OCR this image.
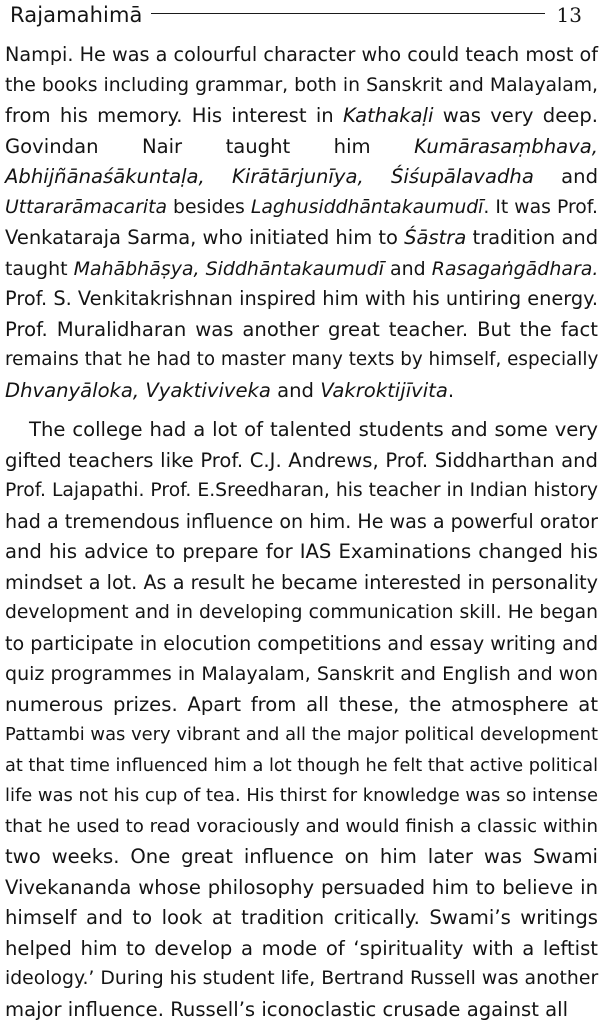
Rajamahimā	13

Nampi. He was a colourful character who could teach most of
the books including grammar, both in Sanskrit and Malayalam,
from his memory. His interest in Kathakaḷi was very deep.
Govindan Nair taught him Kumārasaṃbhava,
Abhijñānaśākuntaḷa, Kirātārjunīya, Śiśupālavadha and
Uttararāmacarita besides Laghusiddhāntakaumudī. It was Prof.
Venkataraja Sarma, who initiated him to Śāstra tradition and
taught Mahābhāṣya, Siddhāntakaumudī and Rasagaṅgādhara.
Prof. S. Venkitakrishnan inspired him with his untiring energy.
Prof. Muralidharan was another great teacher. But the fact
remains that he had to master many texts by himself, especially
Dhvanyāloka, Vyaktiviveka and Vakroktijīvita.

The college had a lot of talented students and some very
gifted teachers like Prof. C.J. Andrews, Prof. Siddharthan and
Prof. Lajapathi. Prof. E.Sreedharan, his teacher in Indian history
had a tremendous influence on him. He was a powerful orator
and his advice to prepare for IAS Examinations changed his
mindset a lot. As a result he became interested in personality
development and in developing communication skill. He began
to participate in elocution competitions and essay writing and
quiz programmes in Malayalam, Sanskrit and English and won
numerous prizes. Apart from all these, the atmosphere at
Pattambi was very vibrant and all the major political development
at that time influenced him a lot though he felt that active political
life was not his cup of tea. His thirst for knowledge was so intense
that he used to read voraciously and would finish a classic within
two weeks. One great influence on him later was Swami
Vivekananda whose philosophy persuaded him to believe in
himself and to look at tradition critically. Swami’s writings
helped him to develop a mode of ‘spirituality with a leftist
ideology.’ During his student life, Bertrand Russell was another
major influence. Russell’s iconoclastic crusade against all
